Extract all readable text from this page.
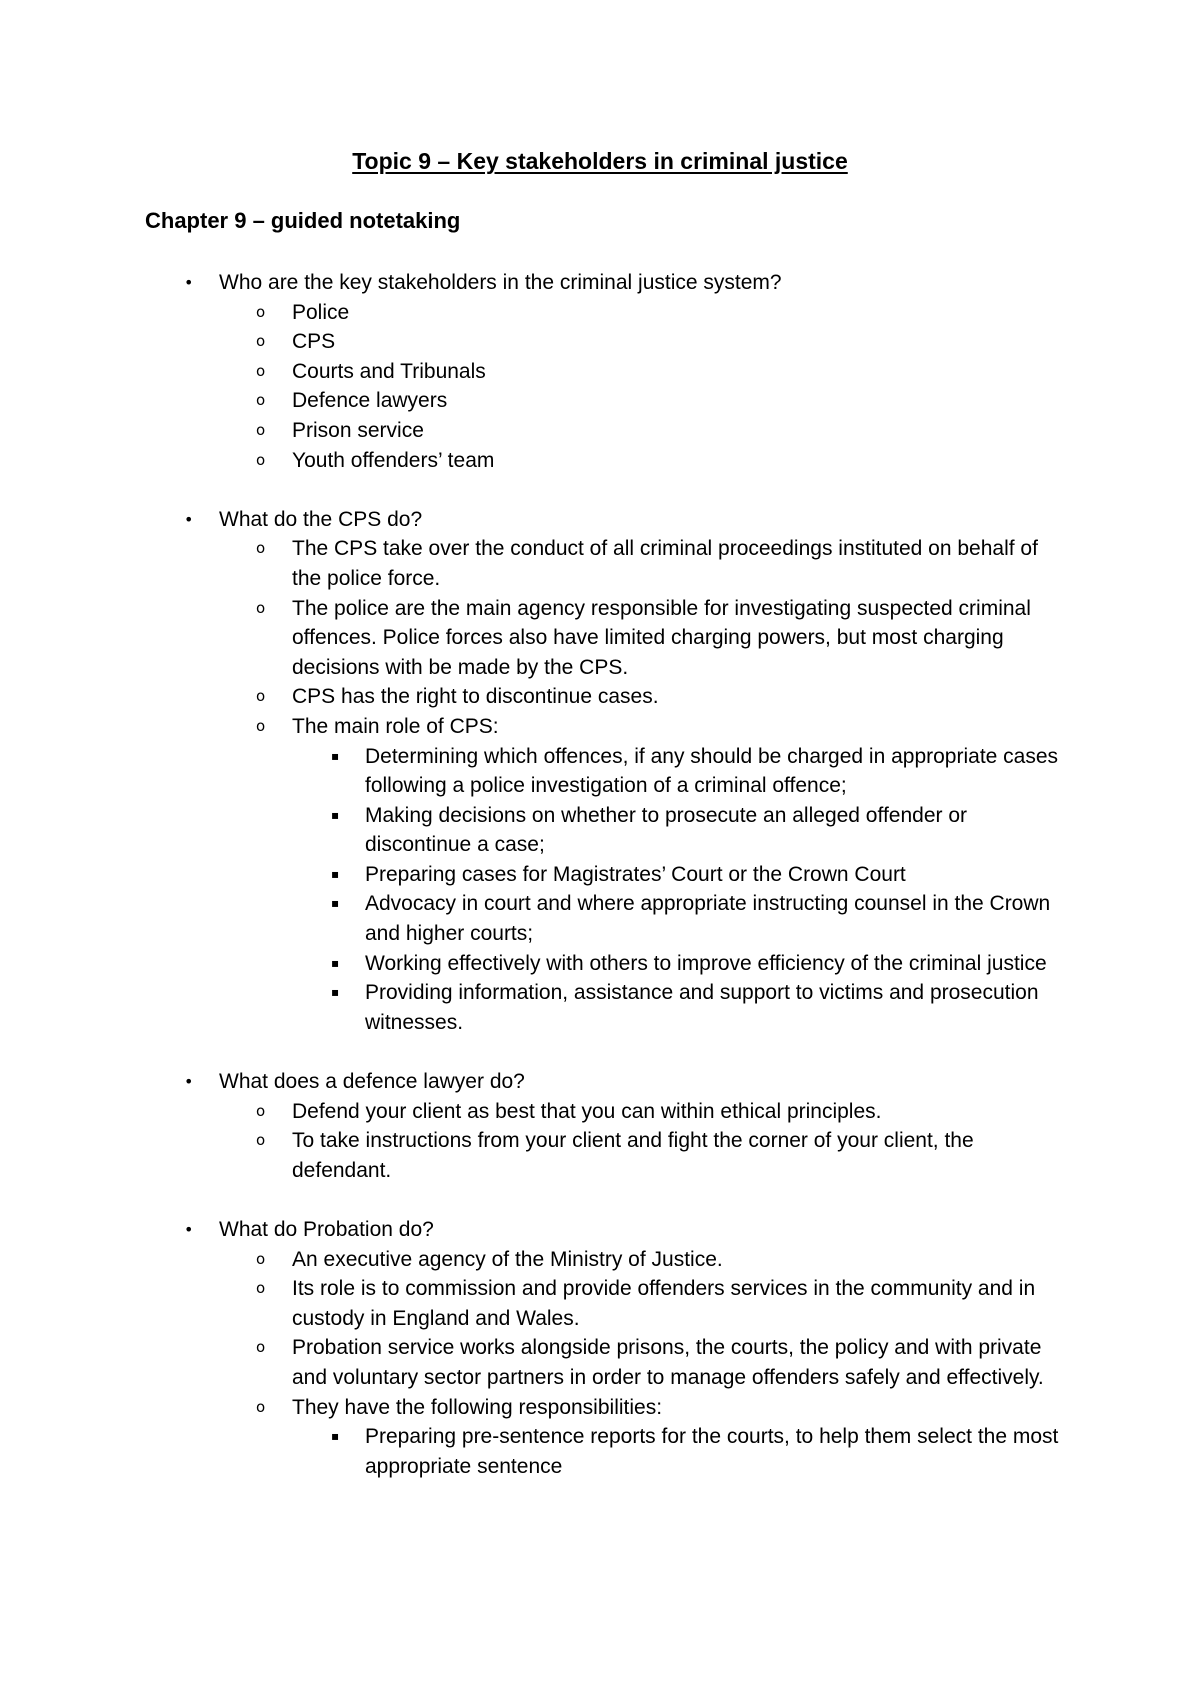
Topic 9 – Key stakeholders in criminal justice
Chapter 9 – guided notetaking
• Who are the key stakeholders in the criminal justice system?
o Police
o CPS
o Courts and Tribunals
o Defence lawyers
o Prison service
o Youth offenders’ team
• What do the CPS do?
o The CPS take over the conduct of all criminal proceedings instituted on behalf of the police force.
o The police are the main agency responsible for investigating suspected criminal offences. Police forces also have limited charging powers, but most charging decisions with be made by the CPS.
o CPS has the right to discontinue cases.
o The main role of CPS:
▪ Determining which offences, if any should be charged in appropriate cases following a police investigation of a criminal offence;
▪ Making decisions on whether to prosecute an alleged offender or discontinue a case;
▪ Preparing cases for Magistrates’ Court or the Crown Court
▪ Advocacy in court and where appropriate instructing counsel in the Crown and higher courts;
▪ Working effectively with others to improve efficiency of the criminal justice
▪ Providing information, assistance and support to victims and prosecution witnesses.
• What does a defence lawyer do?
o Defend your client as best that you can within ethical principles.
o To take instructions from your client and fight the corner of your client, the defendant.
• What do Probation do?
o An executive agency of the Ministry of Justice.
o Its role is to commission and provide offenders services in the community and in custody in England and Wales.
o Probation service works alongside prisons, the courts, the policy and with private and voluntary sector partners in order to manage offenders safely and effectively.
o They have the following responsibilities:
▪ Preparing pre-sentence reports for the courts, to help them select the most appropriate sentence
